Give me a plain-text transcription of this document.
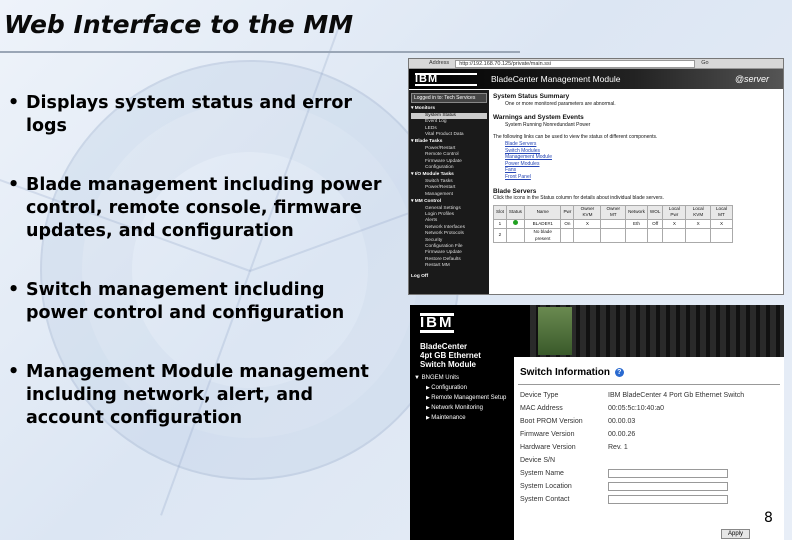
Web Interface to the MM
• Displays system status and error logs
• Blade management including power control, remote console, firmware updates, and configuration
• Switch management including power control and configuration
• Management Module management including network, alert, and account configuration
Address	http://192.168.70.125/private/main.ssi	Go
IBM	BladeCenter Management Module	@server
Logged in to: Tech Services
▾ Monitors
System Status
Event Log
LEDs
Vital Product Data
▾ Blade Tasks
Power/Restart
Remote Control
Firmware Update
Configuration
▾ I/O Module Tasks
Switch Tasks
Power/Restart
Management
▾ MM Control
General Settings
Login Profiles
Alerts
Network Interfaces
Network Protocols
Security
Configuration File
Firmware Update
Restore Defaults
Restart MM
Log Off
System Status Summary
One or more monitored parameters are abnormal.
Warnings and System Events
System Running Nonredundant Power
The following links can be used to view the status of different components.
Blade Servers
Switch Modules
Management Module
Power Modules
Fans
Front Panel
Blade Servers
Click the icons in the Status column for details about individual blade servers.
Slot	Status	Name	Pwr	Owner KVM	Owner MT	Network	WOL	Local Pwr	Local KVM	Local MT
1		BLADE#1	On	X		Eth	Off	X	X	X
2		No blade present								
IBM
BladeCenter
4pt GB Ethernet
Switch Module
▼ BNGEM Units
▶ Configuration
▶ Remote Management Setup
▶ Network Monitoring
▶ Maintenance
Switch Information ?
Device Type	IBM BladeCenter 4 Port Gb Ethernet Switch
MAC Address	00:05:5c:10:40:a0
Boot PROM Version	00.00.03
Firmware Version	00.00.26
Hardware Version	Rev. 1
Device S/N
System Name
System Location
System Contact
Apply
8
